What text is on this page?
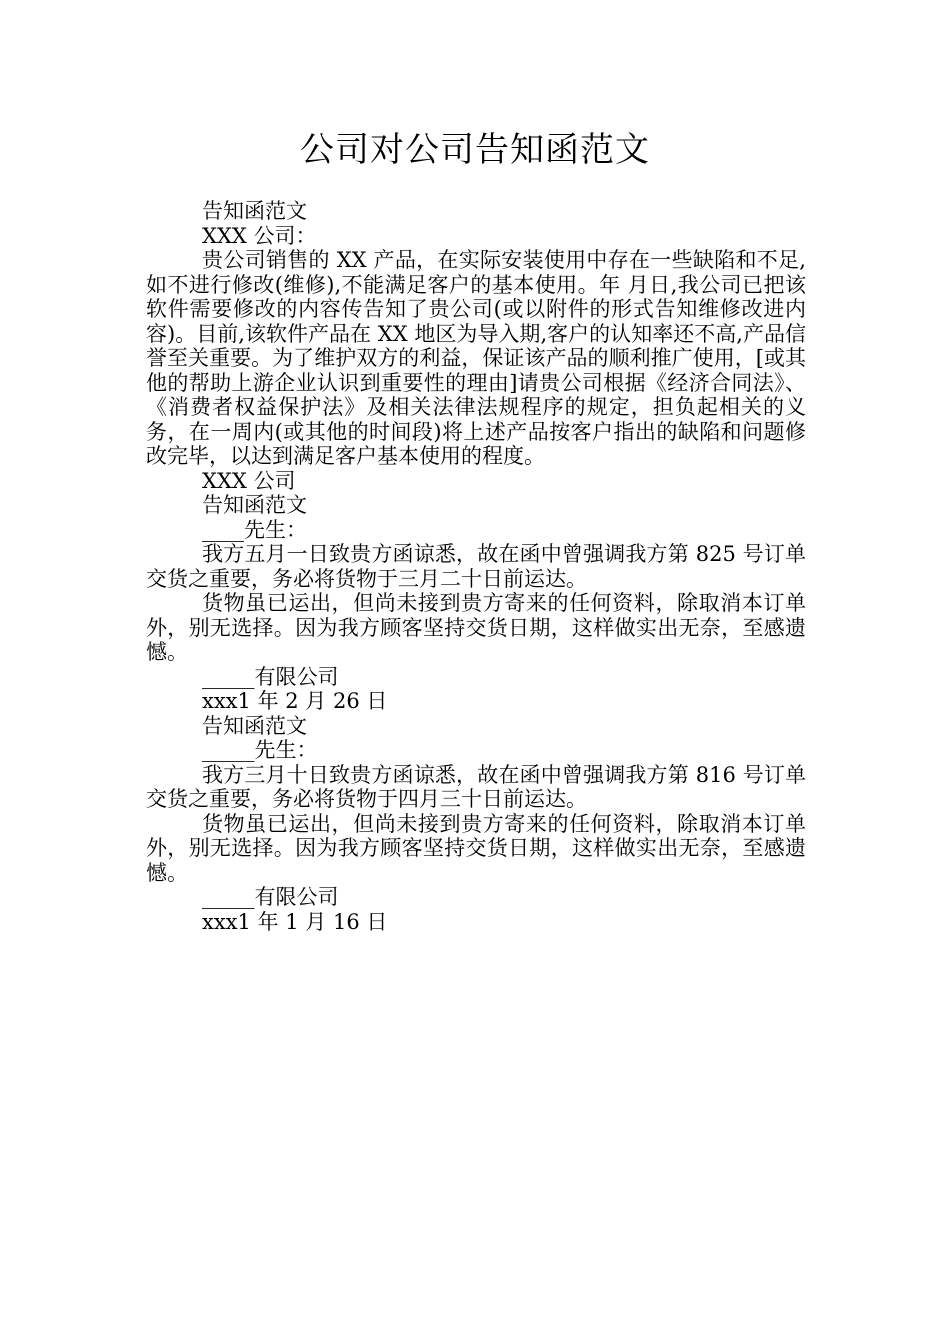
公司对公司告知函范文
告知函范文
XXX 公司：

贵公司销售的 XX 产品，在实际安装使用中存在一些缺陷和不足,如不进行修改(维修),不能满足客户的基本使用。年 月日,我公司已把该软件需要修改的内容传告知了贵公司(或以附件的形式告知维修改进内容)。目前,该软件产品在 XX 地区为导入期,客户的认知率还不高,产品信誉至关重要。为了维护双方的利益，保证该产品的顺利推广使用，[或其他的帮助上游企业认识到重要性的理由]请贵公司根据《经济合同法》、《消费者权益保护法》及相关法律法规程序的规定，担负起相关的义务，在一周内(或其他的时间段)将上述产品按客户指出的缺陷和问题修改完毕，以达到满足客户基本使用的程度。

XXX 公司
告知函范文
____先生：

我方五月一日致贵方函谅悉，故在函中曾强调我方第 825 号订单交货之重要，务必将货物于三月二十日前运达。

货物虽已运出，但尚未接到贵方寄来的任何资料，除取消本订单外，别无选择。因为我方顾客坚持交货日期，这样做实出无奈，至感遗憾。

_____有限公司
xxx1 年 2 月 26 日
告知函范文
_____先生：

我方三月十日致贵方函谅悉，故在函中曾强调我方第 816 号订单交货之重要，务必将货物于四月三十日前运达。

货物虽已运出，但尚未接到贵方寄来的任何资料，除取消本订单外，别无选择。因为我方顾客坚持交货日期，这样做实出无奈，至感遗憾。

_____有限公司
xxx1 年 1 月 16 日
